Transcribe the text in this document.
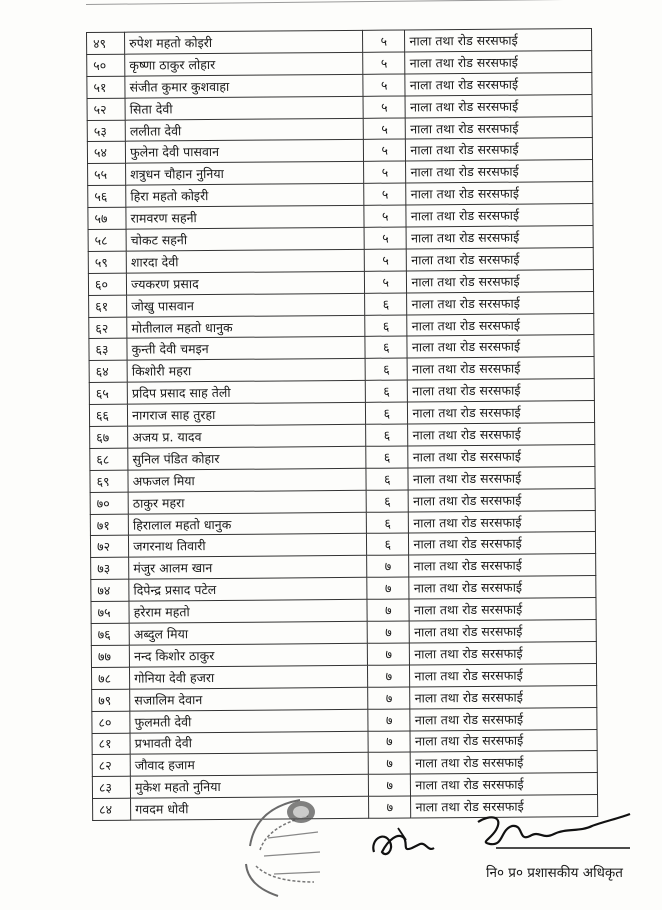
४९	रुपेश महतो कोइरी	५	नाला तथा रोड सरसफाई
५०	कृष्णा ठाकुर लोहार	५	नाला तथा रोड सरसफाई
५१	संजीत कुमार कुशवाहा	५	नाला तथा रोड सरसफाई
५२	सिता देवी	५	नाला तथा रोड सरसफाई
५३	ललीता देवी	५	नाला तथा रोड सरसफाई
५४	फुलेना देवी पासवान	५	नाला तथा रोड सरसफाई
५५	शत्रुधन चौहान नुनिया	५	नाला तथा रोड सरसफाई
५६	हिरा महतो कोइरी	५	नाला तथा रोड सरसफाई
५७	रामवरण सहनी	५	नाला तथा रोड सरसफाई
५८	चोकट सहनी	५	नाला तथा रोड सरसफाई
५९	शारदा देवी	५	नाला तथा रोड सरसफाई
६०	ज्यकरण प्रसाद	५	नाला तथा रोड सरसफाई
६१	जोखु पासवान	६	नाला तथा रोड सरसफाई
६२	मोतीलाल महतो धानुक	६	नाला तथा रोड सरसफाई
६३	कुन्ती देवी चमइन	६	नाला तथा रोड सरसफाई
६४	किशोरी महरा	६	नाला तथा रोड सरसफाई
६५	प्रदिप प्रसाद साह तेली	६	नाला तथा रोड सरसफाई
६६	नागराज साह तुरहा	६	नाला तथा रोड सरसफाई
६७	अजय प्र. यादव	६	नाला तथा रोड सरसफाई
६८	सुनिल पंडित कोहार	६	नाला तथा रोड सरसफाई
६९	अफजल मिया	६	नाला तथा रोड सरसफाई
७०	ठाकुर महरा	६	नाला तथा रोड सरसफाई
७१	हिरालाल महतो धानुक	६	नाला तथा रोड सरसफाई
७२	जगरनाथ तिवारी	६	नाला तथा रोड सरसफाई
७३	मंजुर आलम खान	७	नाला तथा रोड सरसफाई
७४	दिपेन्द्र प्रसाद पटेल	७	नाला तथा रोड सरसफाई
७५	हरेराम महतो	७	नाला तथा रोड सरसफाई
७६	अब्दुल मिया	७	नाला तथा रोड सरसफाई
७७	नन्द किशोर ठाकुर	७	नाला तथा रोड सरसफाई
७८	गोनिया देवी हजरा	७	नाला तथा रोड सरसफाई
७९	सजालिम देवान	७	नाला तथा रोड सरसफाई
८०	फुलमती देवी	७	नाला तथा रोड सरसफाई
८१	प्रभावती देवी	७	नाला तथा रोड सरसफाई
८२	जौवाद हजाम	७	नाला तथा रोड सरसफाई
८३	मुकेश महतो नुनिया	७	नाला तथा रोड सरसफाई
८४	गवदम धोवी	७	नाला तथा रोड सरसफाई
नि० प्र० प्रशासकीय अधिकृत
